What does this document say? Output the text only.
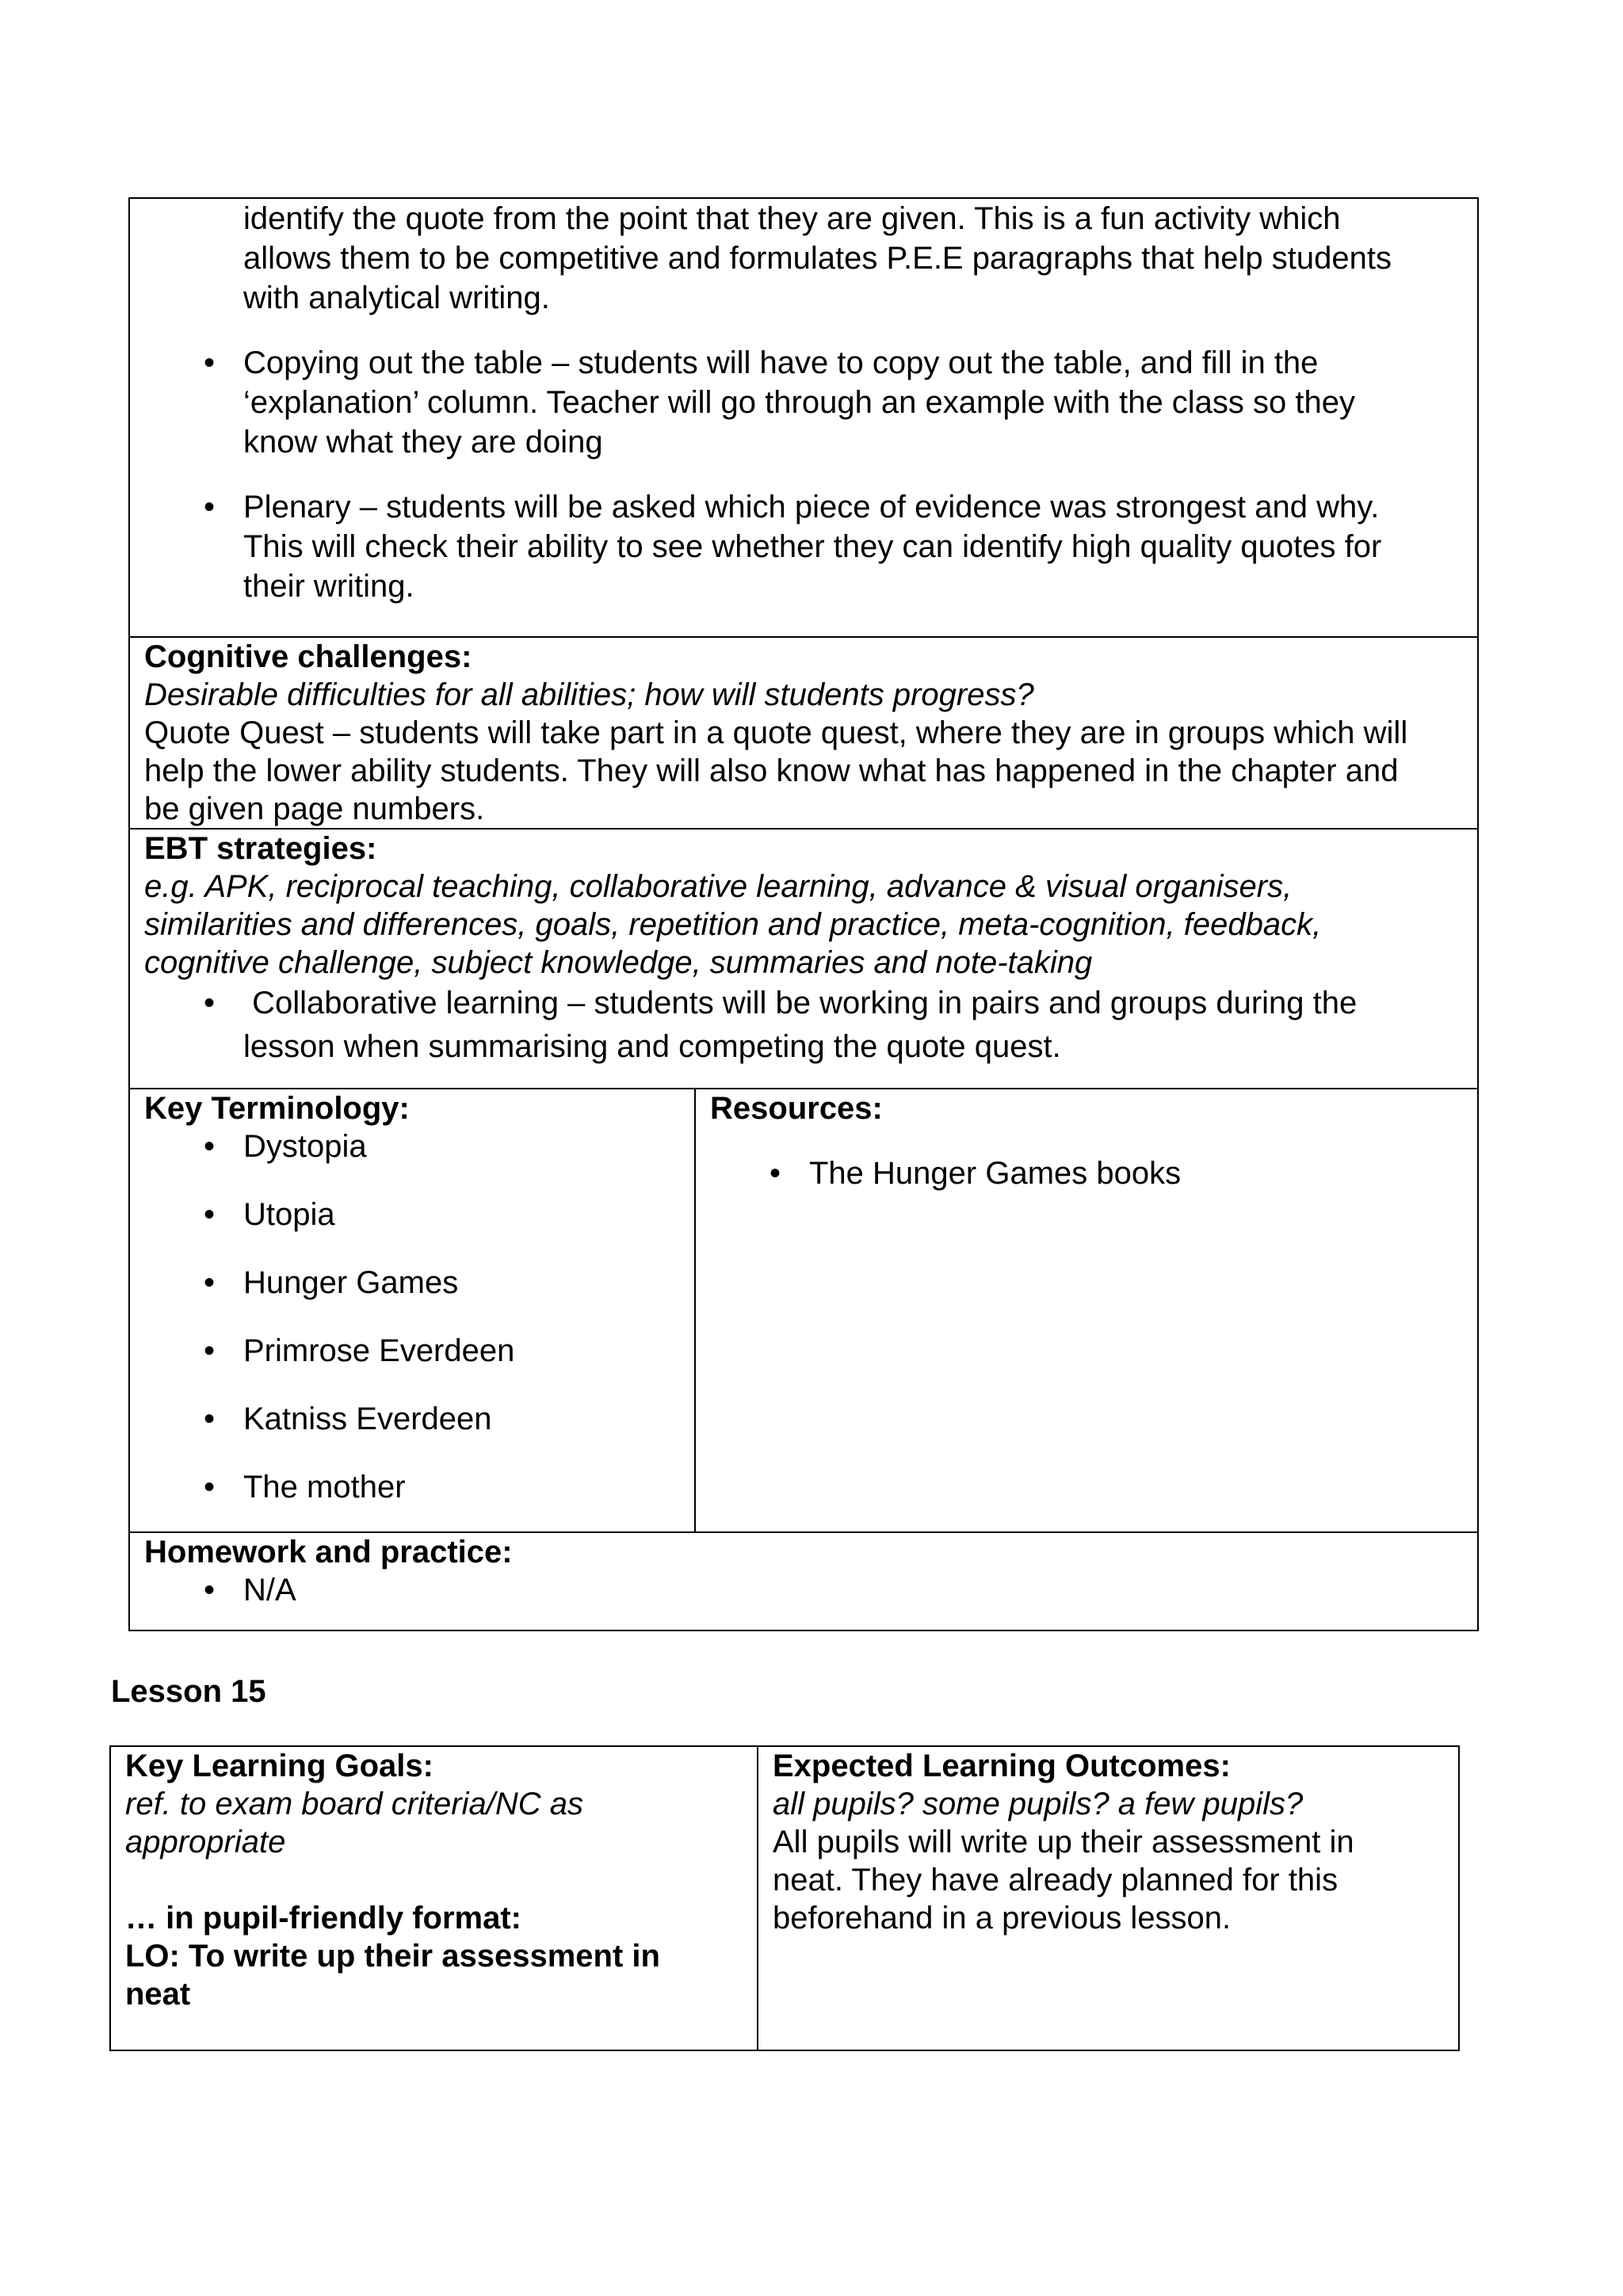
identify the quote from the point that they are given. This is a fun activity which
allows them to be competitive and formulates P.E.E paragraphs that help students
with analytical writing.
• Copying out the table – students will have to copy out the table, and fill in the
‘explanation’ column. Teacher will go through an example with the class so they
know what they are doing
• Plenary – students will be asked which piece of evidence was strongest and why.
This will check their ability to see whether they can identify high quality quotes for
their writing.

Cognitive challenges:
Desirable difficulties for all abilities; how will students progress?
Quote Quest – students will take part in a quote quest, where they are in groups which will
help the lower ability students. They will also know what has happened in the chapter and
be given page numbers.

EBT strategies:
e.g. APK, reciprocal teaching, collaborative learning, advance & visual organisers,
similarities and differences, goals, repetition and practice, meta-cognition, feedback,
cognitive challenge, subject knowledge, summaries and note-taking
•  Collaborative learning – students will be working in pairs and groups during the
lesson when summarising and competing the quote quest.

Key Terminology:
• Dystopia
• Utopia
• Hunger Games
• Primrose Everdeen
• Katniss Everdeen
• The mother

Resources:
• The Hunger Games books

Homework and practice:
• N/A
Lesson 15
Key Learning Goals:
ref. to exam board criteria/NC as
appropriate
… in pupil-friendly format:
LO: To write up their assessment in
neat

Expected Learning Outcomes:
all pupils? some pupils? a few pupils?
All pupils will write up their assessment in
neat. They have already planned for this
beforehand in a previous lesson.
